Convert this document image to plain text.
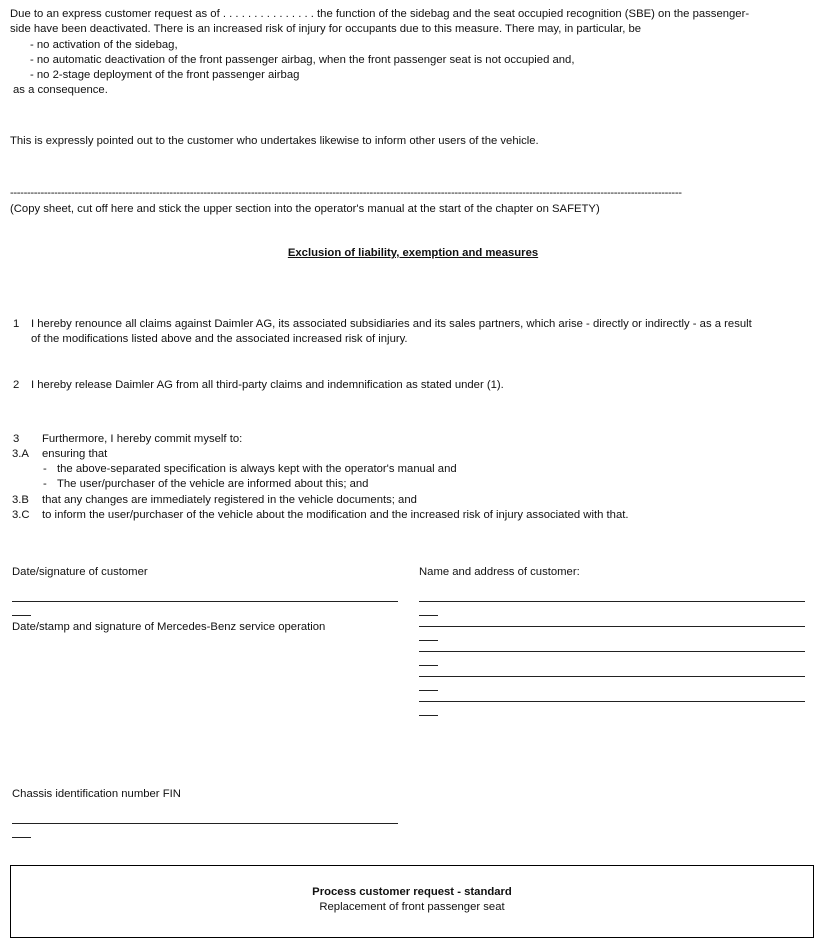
Due to an express customer request as of . . . . . . . . . . . . . . . the function of the sidebag and the seat occupied recognition (SBE) on the passenger-
side have been deactivated. There is an increased risk of injury for occupants due to this measure. There may, in particular, be
- no activation of the sidebag,
- no automatic deactivation of the front passenger airbag, when the front passenger seat is not occupied and,
- no 2-stage deployment of the front passenger airbag
as a consequence.
This is expressly pointed out to the customer who undertakes likewise to inform other users of the vehicle.
------------------------------------------------------------------------------------------------------------------------------------------------------------------------------------------------------
(Copy sheet, cut off here and stick the upper section into the operator's manual at the start of the chapter on SAFETY)
Exclusion of liability, exemption and measures
1 I hereby renounce all claims against Daimler AG, its associated subsidiaries and its sales partners, which arise - directly or indirectly - as a result
of the modifications listed above and the associated increased risk of injury.
2 I hereby release Daimler AG from all third-party claims and indemnification as stated under (1).
3 Furthermore, I hereby commit myself to:
3.A ensuring that
- the above-separated specification is always kept with the operator's manual and
- The user/purchaser of the vehicle are informed about this; and
3.B that any changes are immediately registered in the vehicle documents; and
3.C to inform the user/purchaser of the vehicle about the modification and the increased risk of injury associated with that.
Date/signature of customer	Name and address of customer:
Date/stamp and signature of Mercedes-Benz service operation
Chassis identification number FIN
Process customer request - standard
Replacement of front passenger seat
